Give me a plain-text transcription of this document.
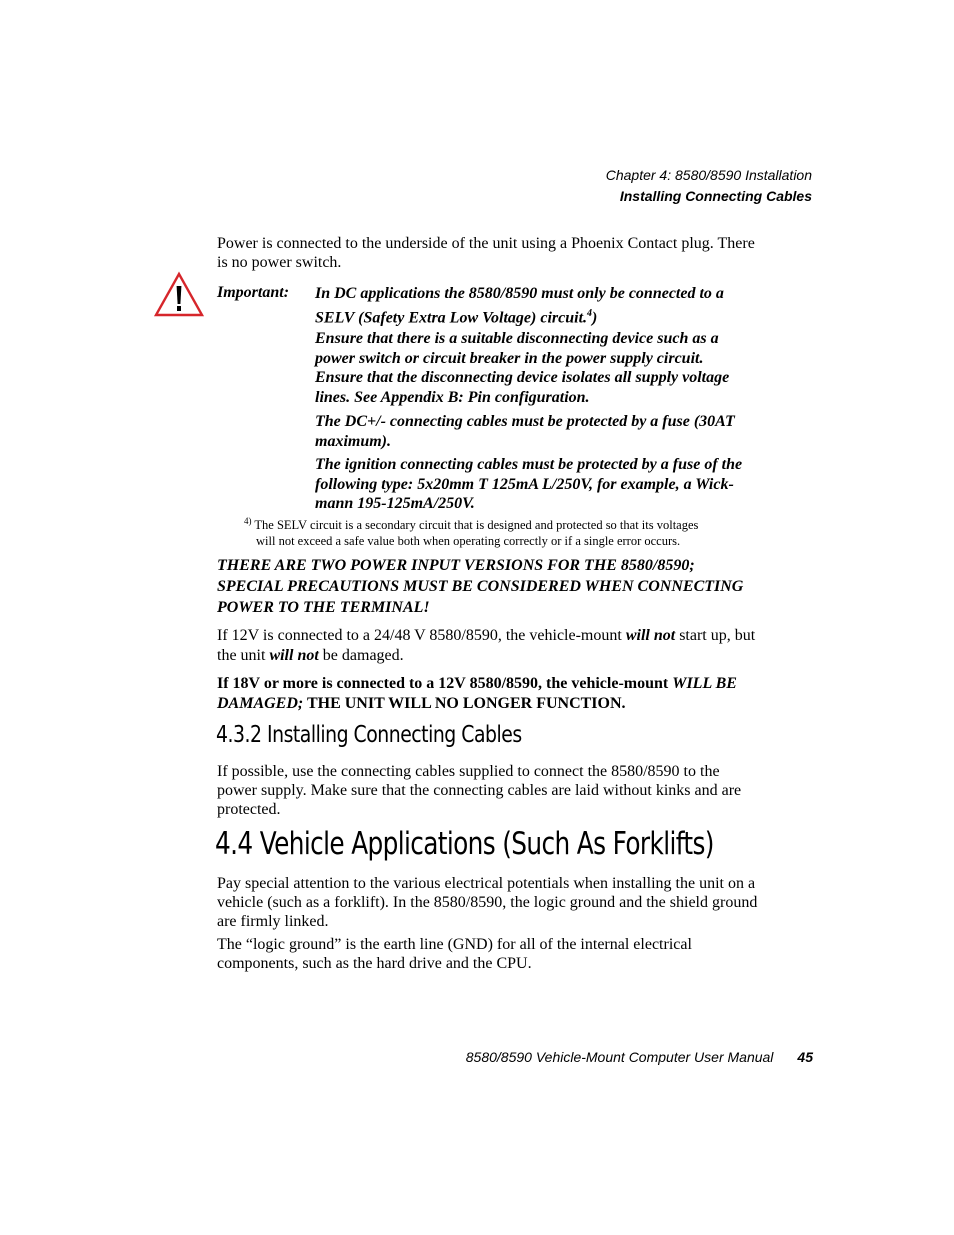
Chapter 4: 8580/8590 Installation
Installing Connecting Cables
Power is connected to the underside of the unit using a Phoenix Contact plug. There
is no power switch.
Important: In DC applications the 8580/8590 must only be connected to a
SELV (Safety Extra Low Voltage) circuit.$^4$)
Ensure that there is a suitable disconnecting device such as a
power switch or circuit breaker in the power supply circuit.
Ensure that the disconnecting device isolates all supply voltage
lines. See Appendix B: Pin configuration.
The DC+/- connecting cables must be protected by a fuse (30AT
maximum).
The ignition connecting cables must be protected by a fuse of the
following type: 5x20mm T 125mA L/250V, for example, a Wick-
mann 195-125mA/250V.
$^{4)}$ The SELV circuit is a secondary circuit that is designed and protected so that its voltages
will not exceed a safe value both when operating correctly or if a single error occurs.
THERE ARE TWO POWER INPUT VERSIONS FOR THE 8580/8590;
SPECIAL PRECAUTIONS MUST BE CONSIDERED WHEN CONNECTING
POWER TO THE TERMINAL!
If 12V is connected to a 24/48 V 8580/8590, the vehicle-mount will not start up, but
the unit will not be damaged.
If 18V or more is connected to a 12V 8580/8590, the vehicle-mount WILL BE
DAMAGED; THE UNIT WILL NO LONGER FUNCTION.
4.3.2 Installing Connecting Cables
If possible, use the connecting cables supplied to connect the 8580/8590 to the
power supply. Make sure that the connecting cables are laid without kinks and are
protected.
4.4 Vehicle Applications (Such As Forklifts)
Pay special attention to the various electrical potentials when installing the unit on a
vehicle (such as a forklift). In the 8580/8590, the logic ground and the shield ground
are firmly linked.
The “logic ground” is the earth line (GND) for all of the internal electrical
components, such as the hard drive and the CPU.
8580/8590 Vehicle-Mount Computer User Manual 45
